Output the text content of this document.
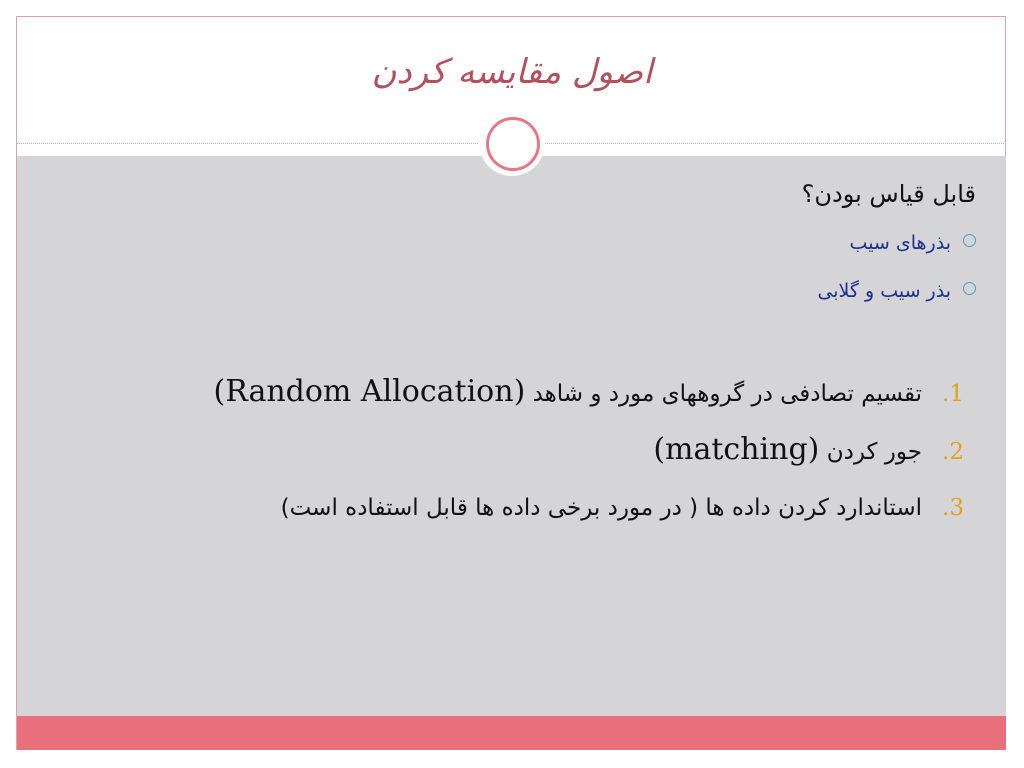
اصول مقایسه کردن
قابل قیاس بودن؟
بذرهای سیب
بذر سیب و گلابی
1.تقسیم تصادفی در گروههای مورد و شاهد (Random Allocation)
2.جور کردن (matching)
3.استاندارد کردن داده ها ( در مورد برخی داده ها قابل استفاده است)
